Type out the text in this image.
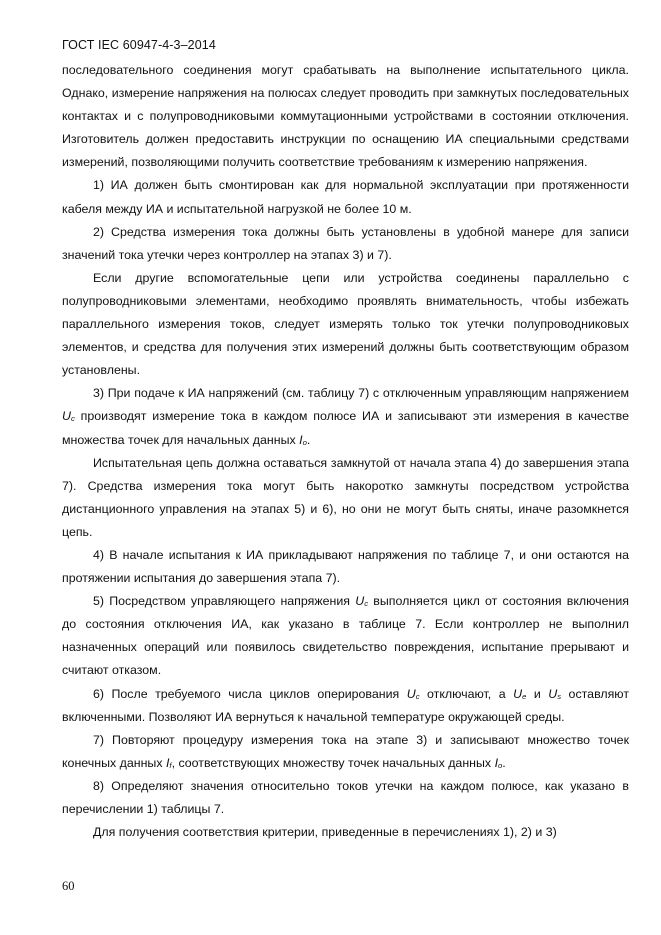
ГОСТ IEC 60947-4-3–2014

последовательного соединения могут срабатывать на выполнение испытательного цикла. Однако, измерение напряжения на полюсах следует проводить при замкнутых последовательных контактах и с полупроводниковыми коммутационными устройствами в состоянии отключения. Изготовитель должен предоставить инструкции по оснащению ИА специальными средствами измерений, позволяющими получить соответствие требованиям к измерению напряжения.

1) ИА должен быть смонтирован как для нормальной эксплуатации при протяженности кабеля между ИА и испытательной нагрузкой не более 10 м.

2) Средства измерения тока должны быть установлены в удобной манере для записи значений тока утечки через контроллер на этапах 3) и 7).

Если другие вспомогательные цепи или устройства соединены параллельно с полупроводниковыми элементами, необходимо проявлять внимательность, чтобы избежать параллельного измерения токов, следует измерять только ток утечки полупроводниковых элементов, и средства для получения этих измерений должны быть соответствующим образом установлены.

3) При подаче к ИА напряжений (см. таблицу 7) с отключенным управляющим напряжением $U_c$ производят измерение тока в каждом полюсе ИА и записывают эти измерения в качестве множества точек для начальных данных $I_o$.

Испытательная цепь должна оставаться замкнутой от начала этапа 4) до завершения этапа 7). Средства измерения тока могут быть накоротко замкнуты посредством устройства дистанционного управления на этапах 5) и 6), но они не могут быть сняты, иначе разомкнется цепь.

4) В начале испытания к ИА прикладывают напряжения по таблице 7, и они остаются на протяжении испытания до завершения этапа 7).

5) Посредством управляющего напряжения $U_c$ выполняется цикл от состояния включения до состояния отключения ИА, как указано в таблице 7. Если контроллер не выполнил назначенных операций или появилось свидетельство повреждения, испытание прерывают и считают отказом.

6) После требуемого числа циклов оперирования $U_c$ отключают, а $U_e$ и $U_s$ оставляют включенными. Позволяют ИА вернуться к начальной температуре окружающей среды.

7) Повторяют процедуру измерения тока на этапе 3) и записывают множество точек конечных данных $I_f$, соответствующих множеству точек начальных данных $I_o$.

8) Определяют значения относительно токов утечки на каждом полюсе, как указано в перечислении 1) таблицы 7.

Для получения соответствия критерии, приведенные в перечислениях 1), 2) и 3)

60
